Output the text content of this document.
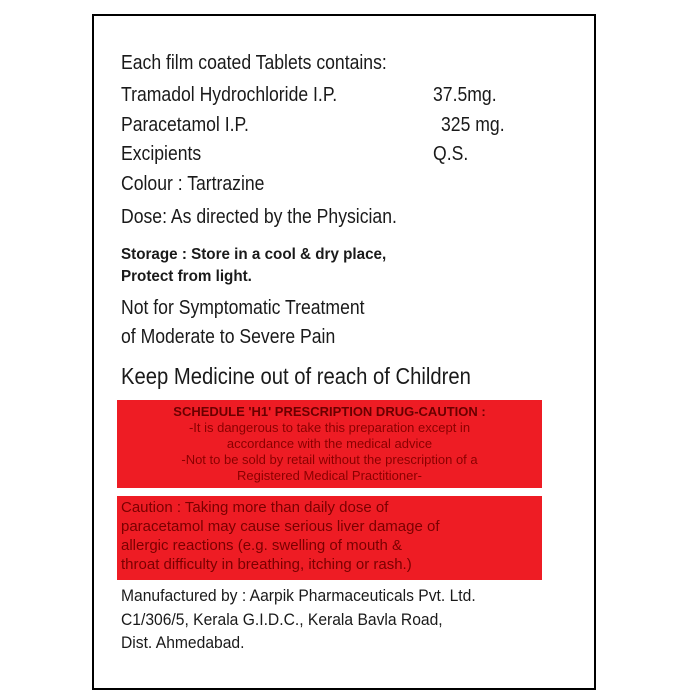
Each film coated Tablets contains:
Tramadol Hydrochloride I.P.	37.5mg.
Paracetamol I.P.	325 mg.
Excipients	Q.S.
Colour : Tartrazine
Dose: As directed by the Physician.
Storage : Store in a cool & dry place,
Protect from light.
Not for Symptomatic Treatment
of Moderate to Severe Pain
Keep Medicine out of reach of Children
SCHEDULE 'H1' PRESCRIPTION DRUG-CAUTION :
-It is dangerous to take this preparation except in
accordance with the medical advice
-Not to be sold by retail without the prescription of a
Registered Medical Practitioner-
Caution : Taking more than daily dose of
paracetamol may cause serious liver damage of
allergic reactions (e.g. swelling of mouth &
throat difficulty in breathing, itching or rash.)
Manufactured by : Aarpik Pharmaceuticals Pvt. Ltd.
C1/306/5, Kerala G.I.D.C., Kerala Bavla Road,
Dist. Ahmedabad.
